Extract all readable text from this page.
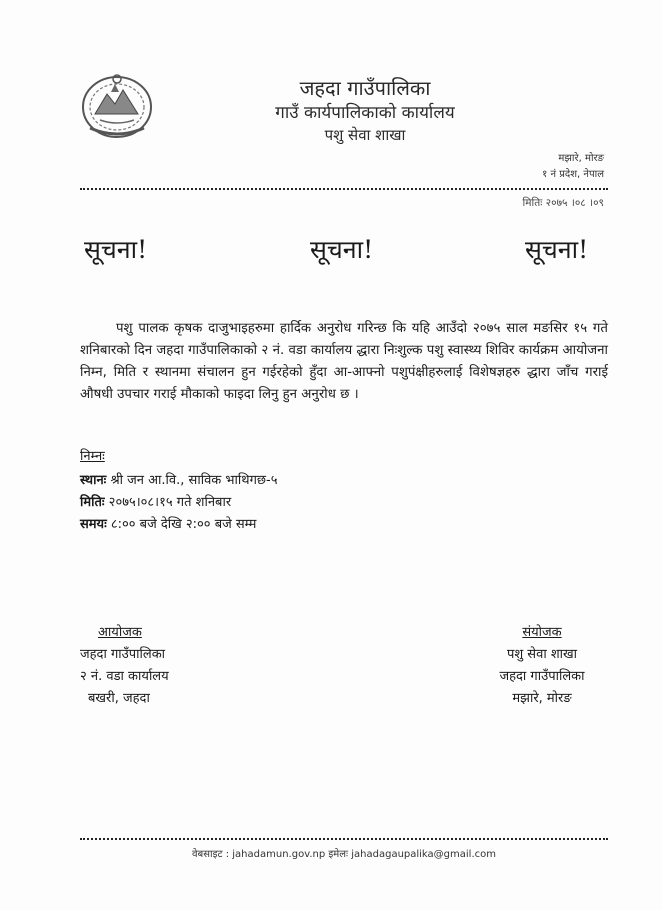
जहदा गाउँपालिका
गाउँ कार्यपालिकाको कार्यालय
पशु सेवा शाखा
मझारे, मोरङ
१ नं प्रदेश, नेपाल
मितिः २०७५ ।०८ ।०९
सूचना!	सूचना!	सूचना!
पशु पालक कृषक दाजुभाइहरुमा हार्दिक अनुरोध गरिन्छ कि यहि आउँदो २०७५ साल मङसिर १५ गते शनिबारको दिन जहदा गाउँपालिकाको २ नं. वडा कार्यालय द्धारा निःशुल्क पशु स्वास्थ्य शिविर कार्यक्रम आयोजना निम्न, मिति र स्थानमा संचालन हुन गईरहेको हुँदा आ-आफ्नो पशुपंक्षीहरुलाई विशेषज्ञहरु द्धारा जाँच गराई औषधी उपचार गराई मौकाको फाइदा लिनु हुन अनुरोध छ ।
निम्नः
स्थानः श्री जन आ.वि., साविक भाथिगछ-५
मितिः २०७५।०८।१५ गते शनिबार
समयः ८:०० बजे देखि २:०० बजे सम्म
आयोजक
जहदा गाउँपालिका
२ नं. वडा कार्यालय
बखरी, जहदा
संयोजक
पशु सेवा शाखा
जहदा गाउँपालिका
मझारे, मोरङ
वेबसाइट : jahadamun.gov.np इमेलः jahadagaupalika@gmail.com
